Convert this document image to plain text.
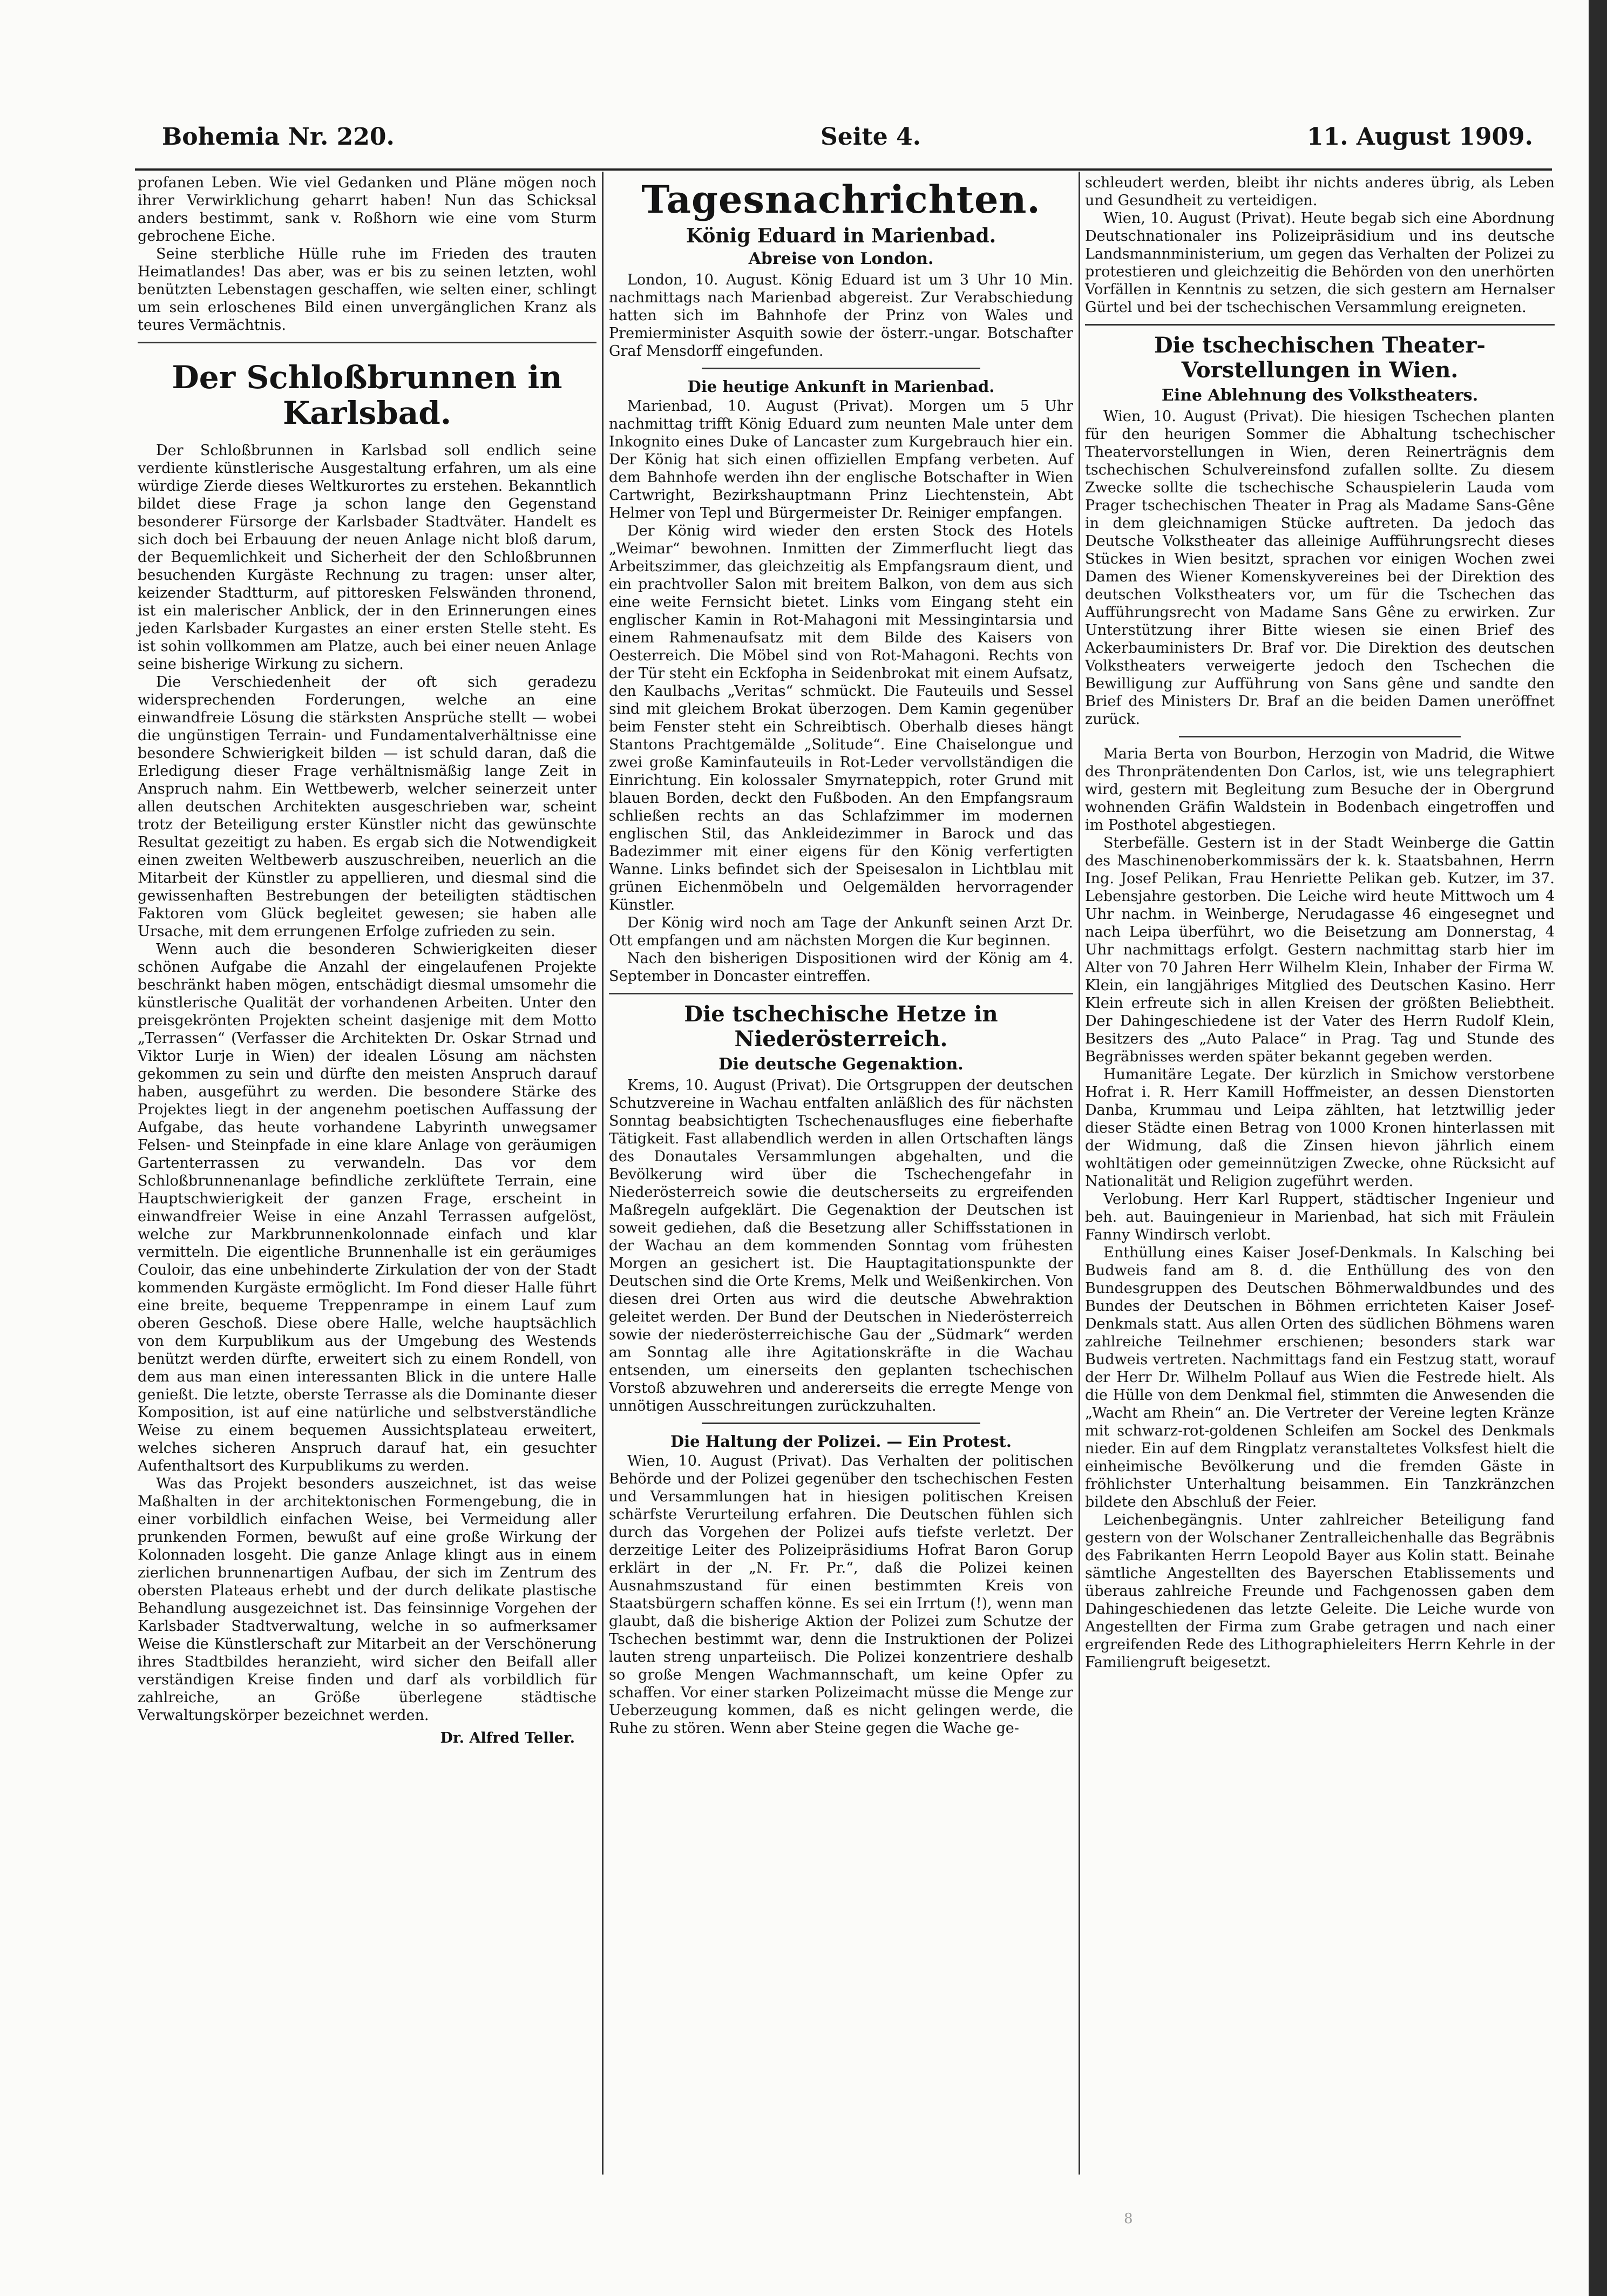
Bohemia Nr. 220.	Seite 4.	11. August 1909.

profanen Leben. Wie viel Gedanken und Pläne mögen noch ihrer Verwirklichung geharrt haben! Nun das Schicksal anders bestimmt, sank v. Roßhorn wie eine vom Sturm gebrochene Eiche.

Seine sterbliche Hülle ruhe im Frieden des trauten Heimatlandes! Das aber, was er bis zu seinen letzten, wohl benützten Lebenstagen geschaffen, wie selten einer, schlingt um sein erloschenes Bild einen unvergänglichen Kranz als teures Vermächtnis.

Der Schloßbrunnen in Karlsbad.

Der Schloßbrunnen in Karlsbad soll endlich seine verdiente künstlerische Ausgestaltung erfahren, um als eine würdige Zierde dieses Weltkurortes zu erstehen. Bekanntlich bildet diese Frage ja schon lange den Gegenstand besonderer Fürsorge der Karlsbader Stadtväter. Handelt es sich doch bei Erbauung der neuen Anlage nicht bloß darum, der Bequemlichkeit und Sicherheit der den Schloßbrunnen besuchenden Kurgäste Rechnung zu tragen: unser alter, keizender Stadtturm, auf pittoresken Felswänden thronend, ist ein malerischer Anblick, der in den Erinnerungen eines jeden Karlsbader Kurgastes an einer ersten Stelle steht. Es ist sohin vollkommen am Platze, auch bei einer neuen Anlage seine bisherige Wirkung zu sichern.

Die Verschiedenheit der oft sich geradezu widersprechenden Forderungen, welche an eine einwandfreie Lösung die stärksten Ansprüche stellt — wobei die ungünstigen Terrain- und Fundamentalverhältnisse eine besondere Schwierigkeit bilden — ist schuld daran, daß die Erledigung dieser Frage verhältnismäßig lange Zeit in Anspruch nahm. Ein Wettbewerb, welcher seinerzeit unter allen deutschen Architekten ausgeschrieben war, scheint trotz der Beteiligung erster Künstler nicht das gewünschte Resultat gezeitigt zu haben. Es ergab sich die Notwendigkeit einen zweiten Weltbewerb auszuschreiben, neuerlich an die Mitarbeit der Künstler zu appellieren, und diesmal sind die gewissenhaften Bestrebungen der beteiligten städtischen Faktoren vom Glück begleitet gewesen; sie haben alle Ursache, mit dem errungenen Erfolge zufrieden zu sein.

Wenn auch die besonderen Schwierigkeiten dieser schönen Aufgabe die Anzahl der eingelaufenen Projekte beschränkt haben mögen, entschädigt diesmal umsomehr die künstlerische Qualität der vorhandenen Arbeiten. Unter den preisgekrönten Projekten scheint dasjenige mit dem Motto „Terrassen“ (Verfasser die Architekten Dr. Oskar Strnad und Viktor Lurje in Wien) der idealen Lösung am nächsten gekommen zu sein und dürfte den meisten Anspruch darauf haben, ausgeführt zu werden. Die besondere Stärke des Projektes liegt in der angenehm poetischen Auffassung der Aufgabe, das heute vorhandene Labyrinth unwegsamer Felsen- und Steinpfade in eine klare Anlage von geräumigen Gartenterrassen zu verwandeln. Das vor dem Schloßbrunnenanlage befindliche zerklüftete Terrain, eine Hauptschwierigkeit der ganzen Frage, erscheint in einwandfreier Weise in eine Anzahl Terrassen aufgelöst, welche zur Markbrunnenkolonnade einfach und klar vermitteln. Die eigentliche Brunnenhalle ist ein geräumiges Couloir, das eine unbehinderte Zirkulation der von der Stadt kommenden Kurgäste ermöglicht. Im Fond dieser Halle führt eine breite, bequeme Treppenrampe in einem Lauf zum oberen Geschoß. Diese obere Halle, welche hauptsächlich von dem Kurpublikum aus der Umgebung des Westends benützt werden dürfte, erweitert sich zu einem Rondell, von dem aus man einen interessanten Blick in die untere Halle genießt. Die letzte, oberste Terrasse als die Dominante dieser Komposition, ist auf eine natürliche und selbstverständliche Weise zu einem bequemen Aussichtsplateau erweitert, welches sicheren Anspruch darauf hat, ein gesuchter Aufenthaltsort des Kurpublikums zu werden.

Was das Projekt besonders auszeichnet, ist das weise Maßhalten in der architektonischen Formengebung, die in einer vorbildlich einfachen Weise, bei Vermeidung aller prunkenden Formen, bewußt auf eine große Wirkung der Kolonnaden losgeht. Die ganze Anlage klingt aus in einem zierlichen brunnenartigen Aufbau, der sich im Zentrum des obersten Plateaus erhebt und der durch delikate plastische Behandlung ausgezeichnet ist. Das feinsinnige Vorgehen der Karlsbader Stadtverwaltung, welche in so aufmerksamer Weise die Künstlerschaft zur Mitarbeit an der Verschönerung ihres Stadtbildes heranzieht, wird sicher den Beifall aller verständigen Kreise finden und darf als vorbildlich für zahlreiche, an Größe überlegene städtische Verwaltungskörper bezeichnet werden.

Dr. Alfred Teller.
Tagesnachrichten.
König Eduard in Marienbad.
Abreise von London.

London, 10. August. König Eduard ist um 3 Uhr 10 Min. nachmittags nach Marienbad abgereist. Zur Verabschiedung hatten sich im Bahnhofe der Prinz von Wales und Premierminister Asquith sowie der österr.-ungar. Botschafter Graf Mensdorff eingefunden.

Die heutige Ankunft in Marienbad.

Marienbad, 10. August (Privat). Morgen um 5 Uhr nachmittag trifft König Eduard zum neunten Male unter dem Inkognito eines Duke of Lancaster zum Kurgebrauch hier ein. Der König hat sich einen offiziellen Empfang verbeten. Auf dem Bahnhofe werden ihn der englische Botschafter in Wien Cartwright, Bezirkshauptmann Prinz Liechtenstein, Abt Helmer von Tepl und Bürgermeister Dr. Reiniger empfangen.

Der König wird wieder den ersten Stock des Hotels „Weimar“ bewohnen. Inmitten der Zimmerflucht liegt das Arbeitszimmer, das gleichzeitig als Empfangsraum dient, und ein prachtvoller Salon mit breitem Balkon, von dem aus sich eine weite Fernsicht bietet. Links vom Eingang steht ein englischer Kamin in Rot-Mahagoni mit Messingintarsia und einem Rahmenaufsatz mit dem Bilde des Kaisers von Oesterreich. Die Möbel sind von Rot-Mahagoni. Rechts von der Tür steht ein Eckfopha in Seidenbrokat mit einem Aufsatz, den Kaulbachs „Veritas“ schmückt. Die Fauteuils und Sessel sind mit gleichem Brokat überzogen. Dem Kamin gegenüber beim Fenster steht ein Schreibtisch. Oberhalb dieses hängt Stantons Prachtgemälde „Solitude“. Eine Chaiselongue und zwei große Kaminfauteuils in Rot-Leder vervollständigen die Einrichtung. Ein kolossaler Smyrnateppich, roter Grund mit blauen Borden, deckt den Fußboden. An den Empfangsraum schließen rechts an das Schlafzimmer im modernen englischen Stil, das Ankleidezimmer in Barock und das Badezimmer mit einer eigens für den König verfertigten Wanne. Links befindet sich der Speisesalon in Lichtblau mit grünen Eichenmöbeln und Oelgemälden hervorragender Künstler.

Der König wird noch am Tage der Ankunft seinen Arzt Dr. Ott empfangen und am nächsten Morgen die Kur beginnen.

Nach den bisherigen Dispositionen wird der König am 4. September in Doncaster eintreffen.

Die tschechische Hetze in Niederösterreich.
Die deutsche Gegenaktion.

Krems, 10. August (Privat). Die Ortsgruppen der deutschen Schutzvereine in Wachau entfalten anläßlich des für nächsten Sonntag beabsichtigten Tschechenausfluges eine fieberhafte Tätigkeit. Fast allabendlich werden in allen Ortschaften längs des Donautales Versammlungen abgehalten, und die Bevölkerung wird über die Tschechengefahr in Niederösterreich sowie die deutscherseits zu ergreifenden Maßregeln aufgeklärt. Die Gegenaktion der Deutschen ist soweit gediehen, daß die Besetzung aller Schiffsstationen in der Wachau an dem kommenden Sonntag vom frühesten Morgen an gesichert ist. Die Hauptagitationspunkte der Deutschen sind die Orte Krems, Melk und Weißenkirchen. Von diesen drei Orten aus wird die deutsche Abwehraktion geleitet werden. Der Bund der Deutschen in Niederösterreich sowie der niederösterreichische Gau der „Südmark“ werden am Sonntag alle ihre Agitationskräfte in die Wachau entsenden, um einerseits den geplanten tschechischen Vorstoß abzuwehren und andererseits die erregte Menge von unnötigen Ausschreitungen zurückzuhalten.

Die Haltung der Polizei. — Ein Protest.

Wien, 10. August (Privat). Das Verhalten der politischen Behörde und der Polizei gegenüber den tschechischen Festen und Versammlungen hat in hiesigen politischen Kreisen schärfste Verurteilung erfahren. Die Deutschen fühlen sich durch das Vorgehen der Polizei aufs tiefste verletzt. Der derzeitige Leiter des Polizeipräsidiums Hofrat Baron Gorup erklärt in der „N. Fr. Pr.“, daß die Polizei keinen Ausnahmszustand für einen bestimmten Kreis von Staatsbürgern schaffen könne. Es sei ein Irrtum (!), wenn man glaubt, daß die bisherige Aktion der Polizei zum Schutze der Tschechen bestimmt war, denn die Instruktionen der Polizei lauten streng unparteiisch. Die Polizei konzentriere deshalb so große Mengen Wachmannschaft, um keine Opfer zu schaffen. Vor einer starken Polizeimacht müsse die Menge zur Ueberzeugung kommen, daß es nicht gelingen werde, die Ruhe zu stören. Wenn aber Steine gegen die Wache ge-

schleudert werden, bleibt ihr nichts anderes übrig, als Leben und Gesundheit zu verteidigen.

Wien, 10. August (Privat). Heute begab sich eine Abordnung Deutschnationaler ins Polizeipräsidium und ins deutsche Landsmannministerium, um gegen das Verhalten der Polizei zu protestieren und gleichzeitig die Behörden von den unerhörten Vorfällen in Kenntnis zu setzen, die sich gestern am Hernalser Gürtel und bei der tschechischen Versammlung ereigneten.

Die tschechischen Theater-Vorstellungen in Wien.
Eine Ablehnung des Volkstheaters.

Wien, 10. August (Privat). Die hiesigen Tschechen planten für den heurigen Sommer die Abhaltung tschechischer Theatervorstellungen in Wien, deren Reinerträgnis dem tschechischen Schulvereinsfond zufallen sollte. Zu diesem Zwecke sollte die tschechische Schauspielerin Lauda vom Prager tschechischen Theater in Prag als Madame Sans-Gêne in dem gleichnamigen Stücke auftreten. Da jedoch das Deutsche Volkstheater das alleinige Aufführungsrecht dieses Stückes in Wien besitzt, sprachen vor einigen Wochen zwei Damen des Wiener Komenskyvereines bei der Direktion des deutschen Volkstheaters vor, um für die Tschechen das Aufführungsrecht von Madame Sans Gêne zu erwirken. Zur Unterstützung ihrer Bitte wiesen sie einen Brief des Ackerbauministers Dr. Braf vor. Die Direktion des deutschen Volkstheaters verweigerte jedoch den Tschechen die Bewilligung zur Aufführung von Sans gêne und sandte den Brief des Ministers Dr. Braf an die beiden Damen uneröffnet zurück.

Maria Berta von Bourbon, Herzogin von Madrid, die Witwe des Thronprätendenten Don Carlos, ist, wie uns telegraphiert wird, gestern mit Begleitung zum Besuche der in Obergrund wohnenden Gräfin Waldstein in Bodenbach eingetroffen und im Posthotel abgestiegen.

Sterbefälle. Gestern ist in der Stadt Weinberge die Gattin des Maschinenoberkommissärs der k. k. Staatsbahnen, Herrn Ing. Josef Pelikan, Frau Henriette Pelikan geb. Kutzer, im 37. Lebensjahre gestorben. Die Leiche wird heute Mittwoch um 4 Uhr nachm. in Weinberge, Nerudagasse 46 eingesegnet und nach Leipa überführt, wo die Beisetzung am Donnerstag, 4 Uhr nachmittags erfolgt. Gestern nachmittag starb hier im Alter von 70 Jahren Herr Wilhelm Klein, Inhaber der Firma W. Klein, ein langjähriges Mitglied des Deutschen Kasino. Herr Klein erfreute sich in allen Kreisen der größten Beliebtheit. Der Dahingeschiedene ist der Vater des Herrn Rudolf Klein, Besitzers des „Auto Palace“ in Prag. Tag und Stunde des Begräbnisses werden später bekannt gegeben werden.

Humanitäre Legate. Der kürzlich in Smichow verstorbene Hofrat i. R. Herr Kamill Hoffmeister, an dessen Dienstorten Danba, Krummau und Leipa zählten, hat letztwillig jeder dieser Städte einen Betrag von 1000 Kronen hinterlassen mit der Widmung, daß die Zinsen hievon jährlich einem wohltätigen oder gemeinnützigen Zwecke, ohne Rücksicht auf Nationalität und Religion zugeführt werden.

Verlobung. Herr Karl Ruppert, städtischer Ingenieur und beh. aut. Bauingenieur in Marienbad, hat sich mit Fräulein Fanny Windirsch verlobt.

Enthüllung eines Kaiser Josef-Denkmals. In Kalsching bei Budweis fand am 8. d. die Enthüllung des von den Bundesgruppen des Deutschen Böhmerwaldbundes und des Bundes der Deutschen in Böhmen errichteten Kaiser Josef-Denkmals statt. Aus allen Orten des südlichen Böhmens waren zahlreiche Teilnehmer erschienen; besonders stark war Budweis vertreten. Nachmittags fand ein Festzug statt, worauf der Herr Dr. Wilhelm Pollauf aus Wien die Festrede hielt. Als die Hülle von dem Denkmal fiel, stimmten die Anwesenden die „Wacht am Rhein“ an. Die Vertreter der Vereine legten Kränze mit schwarz-rot-goldenen Schleifen am Sockel des Denkmals nieder. Ein auf dem Ringplatz veranstaltetes Volksfest hielt die einheimische Bevölkerung und die fremden Gäste in fröhlichster Unterhaltung beisammen. Ein Tanzkränzchen bildete den Abschluß der Feier.

Leichenbegängnis. Unter zahlreicher Beteiligung fand gestern von der Wolschaner Zentralleichenhalle das Begräbnis des Fabrikanten Herrn Leopold Bayer aus Kolin statt. Beinahe sämtliche Angestellten des Bayerschen Etablissements und überaus zahlreiche Freunde und Fachgenossen gaben dem Dahingeschiedenen das letzte Geleite. Die Leiche wurde von Angestellten der Firma zum Grabe getragen und nach einer ergreifenden Rede des Lithographieleiters Herrn Kehrle in der Familiengruft beigesetzt.

8
